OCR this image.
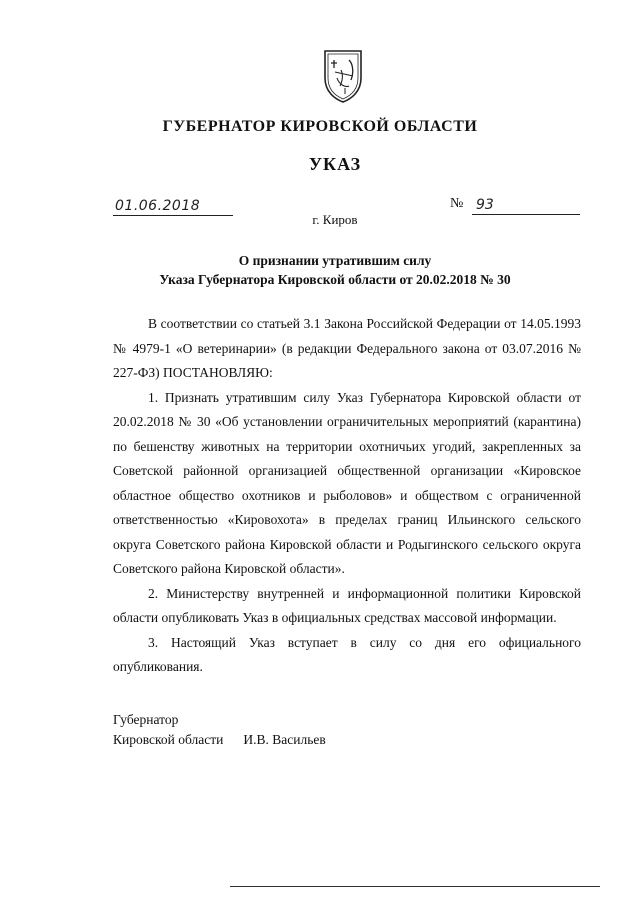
ГУБЕРНАТОР КИРОВСКОЙ ОБЛАСТИ
УКАЗ
01.06.2018	№ 93
г. Киров
О признании утратившим силу
Указа Губернатора Кировской области от 20.02.2018 № 30

В соответствии со статьей 3.1 Закона Российской Федерации от 14.05.1993 № 4979-1 «О ветеринарии» (в редакции Федерального закона от 03.07.2016 № 227-ФЗ) ПОСТАНОВЛЯЮ:

1. Признать утратившим силу Указ Губернатора Кировской области от 20.02.2018 № 30 «Об установлении ограничительных мероприятий (карантина) по бешенству животных на территории охотничьих угодий, закрепленных за Советской районной организацией общественной организации «Кировское областное общество охотников и рыболовов» и обществом с ограниченной ответственностью «Кировохота» в пределах границ Ильинского сельского округа Советского района Кировской области и Родыгинского сельского округа Советского района Кировской области».

2. Министерству внутренней и информационной политики Кировской области опубликовать Указ в официальных средствах массовой информации.

3. Настоящий Указ вступает в силу со дня его официального опубликования.

Губернатор
Кировской области И.В. Васильев
